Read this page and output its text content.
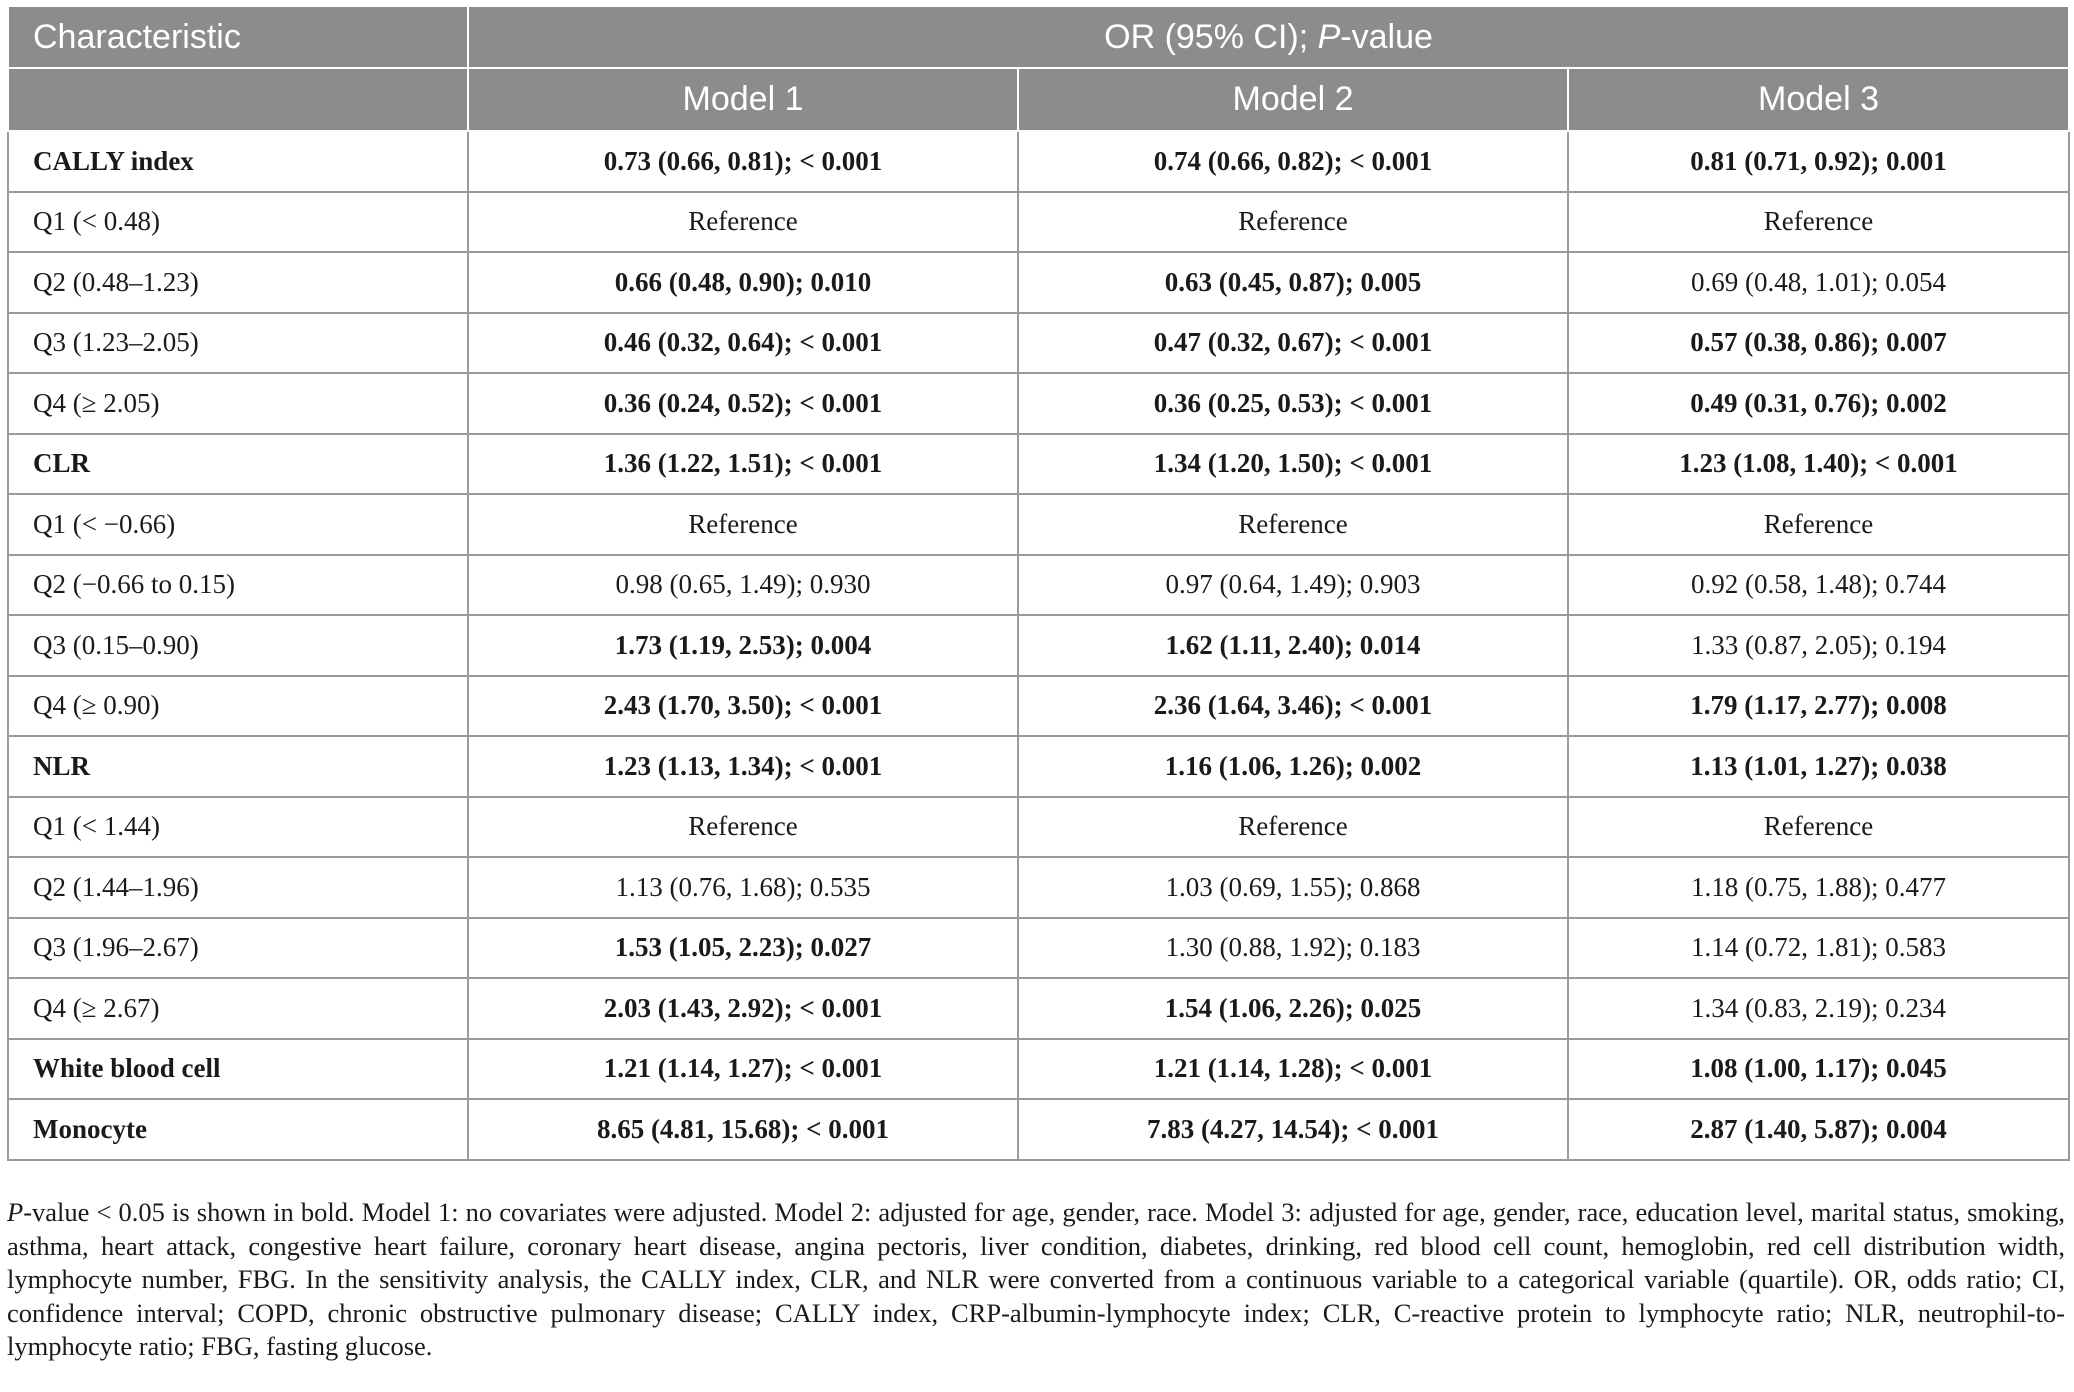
Characteristic	OR (95% CI); P-value		
	Model 1	Model 2	Model 3
CALLY index	0.73 (0.66, 0.81); < 0.001	0.74 (0.66, 0.82); < 0.001	0.81 (0.71, 0.92); 0.001
Q1 (< 0.48)	Reference	Reference	Reference
Q2 (0.48–1.23)	0.66 (0.48, 0.90); 0.010	0.63 (0.45, 0.87); 0.005	0.69 (0.48, 1.01); 0.054
Q3 (1.23–2.05)	0.46 (0.32, 0.64); < 0.001	0.47 (0.32, 0.67); < 0.001	0.57 (0.38, 0.86); 0.007
Q4 (≥ 2.05)	0.36 (0.24, 0.52); < 0.001	0.36 (0.25, 0.53); < 0.001	0.49 (0.31, 0.76); 0.002
CLR	1.36 (1.22, 1.51); < 0.001	1.34 (1.20, 1.50); < 0.001	1.23 (1.08, 1.40); < 0.001
Q1 (< −0.66)	Reference	Reference	Reference
Q2 (−0.66 to 0.15)	0.98 (0.65, 1.49); 0.930	0.97 (0.64, 1.49); 0.903	0.92 (0.58, 1.48); 0.744
Q3 (0.15–0.90)	1.73 (1.19, 2.53); 0.004	1.62 (1.11, 2.40); 0.014	1.33 (0.87, 2.05); 0.194
Q4 (≥ 0.90)	2.43 (1.70, 3.50); < 0.001	2.36 (1.64, 3.46); < 0.001	1.79 (1.17, 2.77); 0.008
NLR	1.23 (1.13, 1.34); < 0.001	1.16 (1.06, 1.26); 0.002	1.13 (1.01, 1.27); 0.038
Q1 (< 1.44)	Reference	Reference	Reference
Q2 (1.44–1.96)	1.13 (0.76, 1.68); 0.535	1.03 (0.69, 1.55); 0.868	1.18 (0.75, 1.88); 0.477
Q3 (1.96–2.67)	1.53 (1.05, 2.23); 0.027	1.30 (0.88, 1.92); 0.183	1.14 (0.72, 1.81); 0.583
Q4 (≥ 2.67)	2.03 (1.43, 2.92); < 0.001	1.54 (1.06, 2.26); 0.025	1.34 (0.83, 2.19); 0.234
White blood cell	1.21 (1.14, 1.27); < 0.001	1.21 (1.14, 1.28); < 0.001	1.08 (1.00, 1.17); 0.045
Monocyte	8.65 (4.81, 15.68); < 0.001	7.83 (4.27, 14.54); < 0.001	2.87 (1.40, 5.87); 0.004
P-value < 0.05 is shown in bold. Model 1: no covariates were adjusted. Model 2: adjusted for age, gender, race. Model 3: adjusted for age, gender, race, education level, marital status, smoking, asthma, heart attack, congestive heart failure, coronary heart disease, angina pectoris, liver condition, diabetes, drinking, red blood cell count, hemoglobin, red cell distribution width, lymphocyte number, FBG. In the sensitivity analysis, the CALLY index, CLR, and NLR were converted from a continuous variable to a categorical variable (quartile). OR, odds ratio; CI, confidence interval; COPD, chronic obstructive pulmonary disease; CALLY index, CRP-albumin-lymphocyte index; CLR, C-reactive protein to lymphocyte ratio; NLR, neutrophil-to-lymphocyte ratio; FBG, fasting glucose.
